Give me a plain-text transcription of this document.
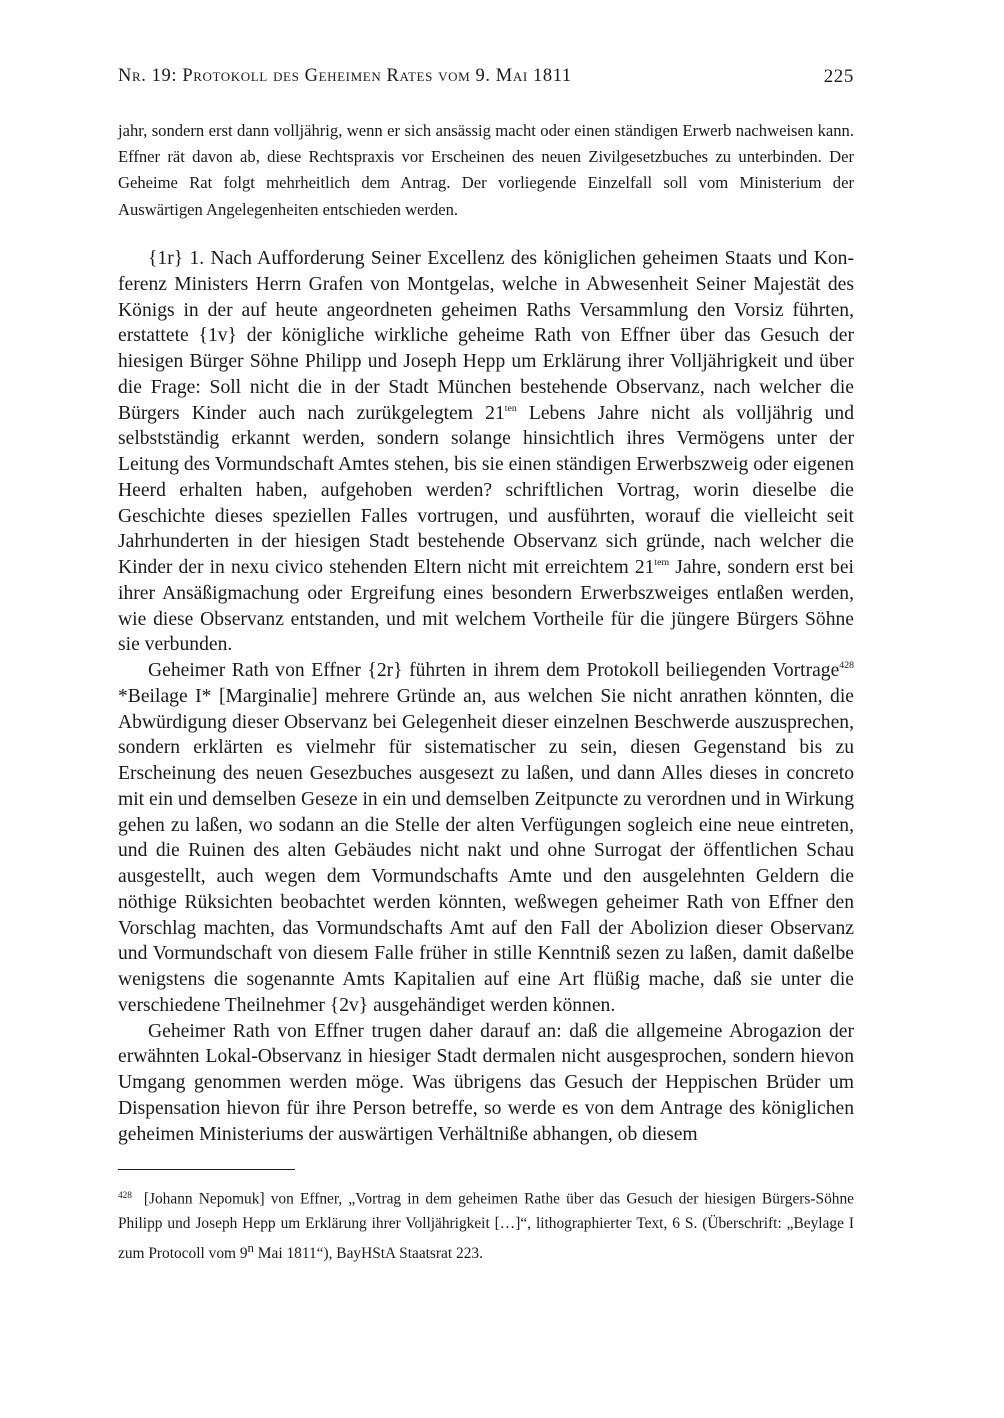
Nr. 19: Protokoll des Geheimen Rates vom 9. Mai 1811	225

jahr, sondern erst dann volljährig, wenn er sich ansässig macht oder einen ständigen Erwerb nachweisen kann. Effner rät davon ab, diese Rechtspraxis vor Erscheinen des neuen Zivilgesetzbuches zu unterbinden. Der Geheime Rat folgt mehrheitlich dem Antrag. Der vorliegende Einzelfall soll vom Ministerium der Auswärtigen Angelegenheiten entschieden werden.

{1r} 1. Nach Aufforderung Seiner Excellenz des königlichen geheimen Staats und Konferenz Ministers Herrn Grafen von Montgelas, welche in Abwesenheit Seiner Majestät des Königs in der auf heute angeordneten geheimen Raths Versammlung den Vorsiz führten, erstattete {1v} der königliche wirkliche geheime Rath von Effner über das Gesuch der hiesigen Bürger Söhne Philipp und Joseph Hepp um Erklärung ihrer Volljährigkeit und über die Frage: Soll nicht die in der Stadt München bestehende Observanz, nach welcher die Bürgers Kinder auch nach zurükgelegtem $21^{ten}$ Lebens Jahre nicht als volljährig und selbstständig erkannt werden, sondern solange hinsichtlich ihres Vermögens unter der Leitung des Vormundschaft Amtes stehen, bis sie einen ständigen Erwerbszweig oder eigenen Heerd erhalten haben, aufgehoben werden? schriftlichen Vortrag, worin dieselbe die Geschichte dieses speziellen Falles vortrugen, und ausführten, worauf die vielleicht seit Jahrhunderten in der hiesigen Stadt bestehende Observanz sich gründe, nach welcher die Kinder der in nexu civico stehenden Eltern nicht mit erreichtem $21^{tem}$ Jahre, sondern erst bei ihrer Ansäßigmachung oder Ergreifung eines besondern Erwerbszweiges entlaßen werden, wie diese Observanz entstanden, und mit welchem Vortheile für die jüngere Bürgers Söhne sie verbunden.

Geheimer Rath von Effner {2r} führten in ihrem dem Protokoll beiliegenden Vortrage$^{428}$ *Beilage I* [Marginalie] mehrere Gründe an, aus welchen Sie nicht anrathen könnten, die Abwürdigung dieser Observanz bei Gelegenheit dieser einzelnen Beschwerde auszusprechen, sondern erklärten es vielmehr für sistematischer zu sein, diesen Gegenstand bis zu Erscheinung des neuen Gesezbuches ausgesezt zu laßen, und dann Alles dieses in concreto mit ein und demselben Geseze in ein und demselben Zeitpuncte zu verordnen und in Wirkung gehen zu laßen, wo sodann an die Stelle der alten Verfügungen sogleich eine neue eintreten, und die Ruinen des alten Gebäudes nicht nakt und ohne Surrogat der öffentlichen Schau ausgestellt, auch wegen dem Vormundschafts Amte und den ausgelehnten Geldern die nöthige Rüksichten beobachtet werden könnten, weßwegen geheimer Rath von Effner den Vorschlag machten, das Vormundschafts Amt auf den Fall der Abolizion dieser Observanz und Vormundschaft von diesem Falle früher in stille Kenntniß sezen zu laßen, damit daßelbe wenigstens die sogenannte Amts Kapitalien auf eine Art flüßig mache, daß sie unter die verschiedene Theilnehmer {2v} ausgehändiget werden können.

Geheimer Rath von Effner trugen daher darauf an: daß die allgemeine Abrogazion der erwähnten Lokal-Observanz in hiesiger Stadt dermalen nicht ausgesprochen, sondern hievon Umgang genommen werden möge. Was übrigens das Gesuch der Heppischen Brüder um Dispensation hievon für ihre Person betreffe, so werde es von dem Antrage des königlichen geheimen Ministeriums der auswärtigen Verhältniße abhangen, ob diesem

$^{428}$ [Johann Nepomuk] von Effner, „Vortrag in dem geheimen Rathe über das Gesuch der hiesigen Bürgers-Söhne Philipp und Joseph Hepp um Erklärung ihrer Volljährigkeit […]“, lithographierter Text, 6 S. (Überschrift: „Beylage I zum Protocoll vom 9$^n$ Mai 1811“), BayHStA Staatsrat 223.
